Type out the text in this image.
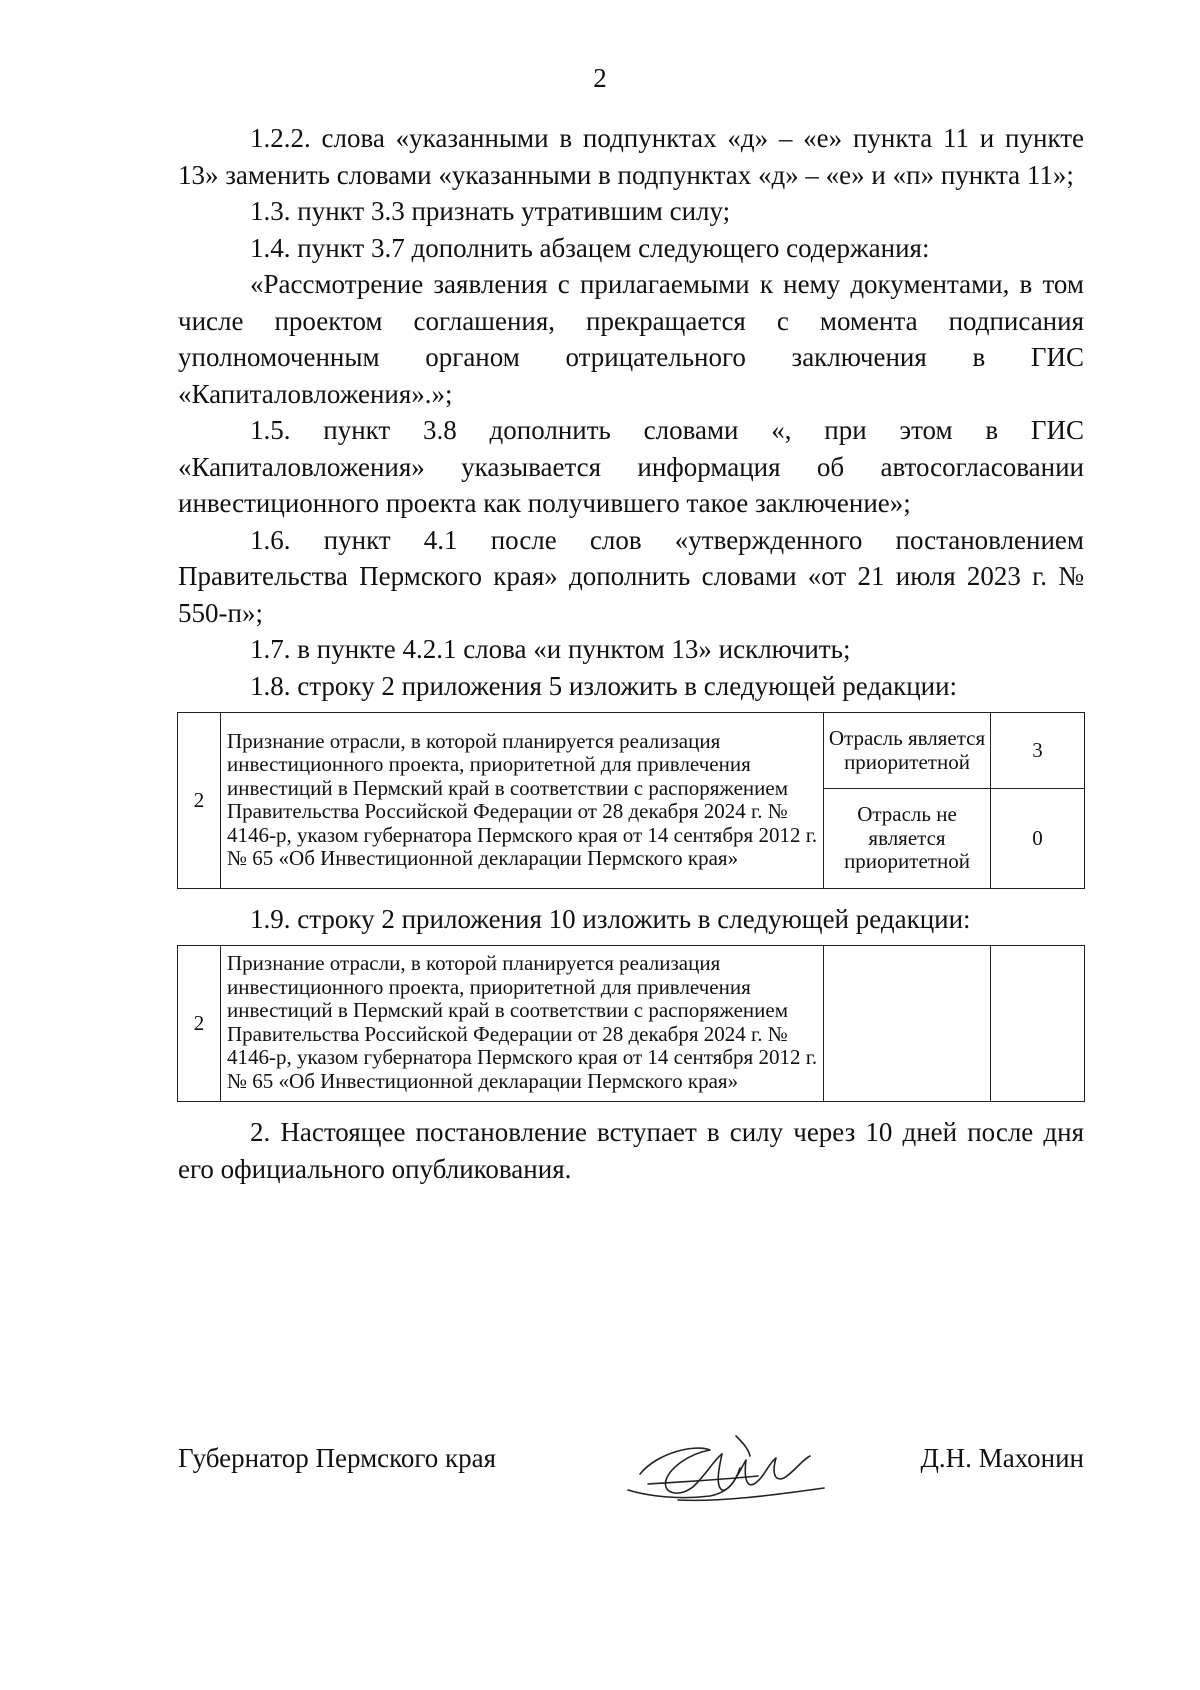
2

1.2.2. слова «указанными в подпунктах «д» – «е» пункта 11 и пункте 13» заменить словами «указанными в подпунктах «д» – «е» и «п» пункта 11»;

1.3. пункт 3.3 признать утратившим силу;

1.4. пункт 3.7 дополнить абзацем следующего содержания:

«Рассмотрение заявления с прилагаемыми к нему документами, в том числе проектом соглашения, прекращается с момента подписания уполномоченным органом отрицательного заключения в ГИС «Капиталовложения».»;

1.5. пункт 3.8 дополнить словами «, при этом в ГИС «Капиталовложения» указывается информация об автосогласовании инвестиционного проекта как получившего такое заключение»;

1.6. пункт 4.1 после слов «утвержденного постановлением Правительства Пермского края» дополнить словами «от 21 июля 2023 г. № 550-п»;

1.7. в пункте 4.2.1 слова «и пунктом 13» исключить;

1.8. строку 2 приложения 5 изложить в следующей редакции:

2	Признание отрасли, в которой планируется реализация инвестиционного проекта, приоритетной для привлечения инвестиций в Пермский край в соответствии с распоряжением Правительства Российской Федерации от 28 декабря 2024 г. № 4146-р, указом губернатора Пермского края от 14 сентября 2012 г. № 65 «Об Инвестиционной декларации Пермского края»	Отрасль является приоритетной	3
		Отрасль не является приоритетной	0

1.9. строку 2 приложения 10 изложить в следующей редакции:

2	Признание отрасли, в которой планируется реализация инвестиционного проекта, приоритетной для привлечения инвестиций в Пермский край в соответствии с распоряжением Правительства Российской Федерации от 28 декабря 2024 г. № 4146-р, указом губернатора Пермского края от 14 сентября 2012 г. № 65 «Об Инвестиционной декларации Пермского края»		

2. Настоящее постановление вступает в силу через 10 дней после дня его официального опубликования.

Губернатор Пермского края	Д.Н. Махонин
